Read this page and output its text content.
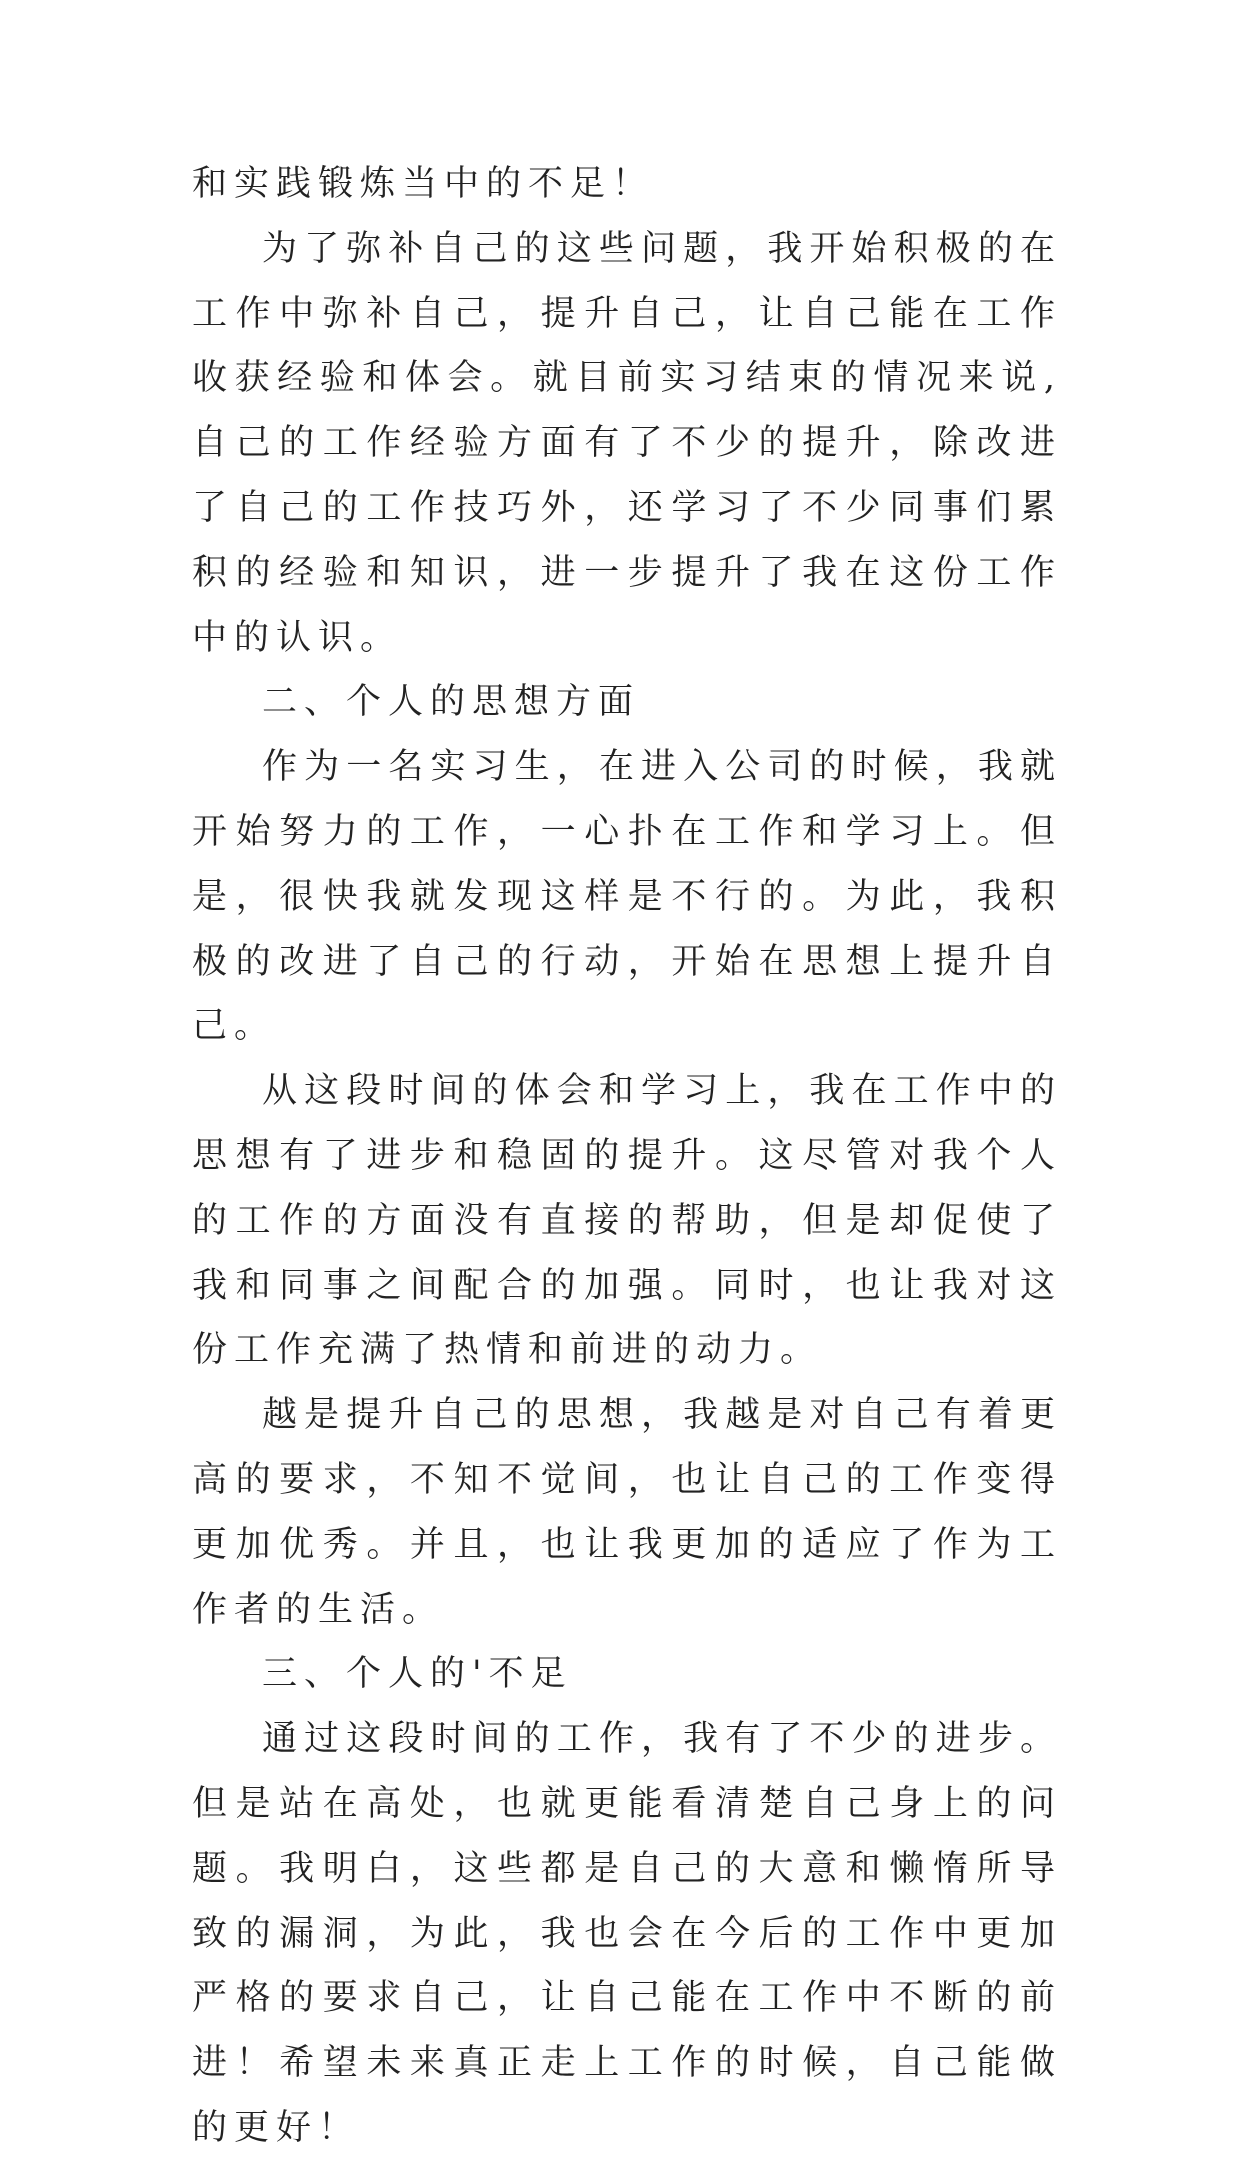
和实践锻炼当中的不足！

为了弥补自己的这些问题，我开始积极的在工作中弥补自己，提升自己，让自己能在工作收获经验和体会。就目前实习结束的情况来说,自己的工作经验方面有了不少的提升，除改进了自己的工作技巧外，还学习了不少同事们累积的经验和知识，进一步提升了我在这份工作中的认识。

二、个人的思想方面

作为一名实习生，在进入公司的时候，我就开始努力的工作，一心扑在工作和学习上。但是，很快我就发现这样是不行的。为此，我积极的改进了自己的行动，开始在思想上提升自己。

从这段时间的体会和学习上，我在工作中的思想有了进步和稳固的提升。这尽管对我个人的工作的方面没有直接的帮助，但是却促使了我和同事之间配合的加强。同时，也让我对这份工作充满了热情和前进的动力。

越是提升自己的思想，我越是对自己有着更高的要求，不知不觉间，也让自己的工作变得更加优秀。并且，也让我更加的适应了作为工作者的生活。

三、个人的'不足

通过这段时间的工作，我有了不少的进步。但是站在高处，也就更能看清楚自己身上的问题。我明白，这些都是自己的大意和懒惰所导致的漏洞，为此，我也会在今后的工作中更加严格的要求自己，让自己能在工作中不断的前进！希望未来真正走上工作的时候，自己能做的更好！
